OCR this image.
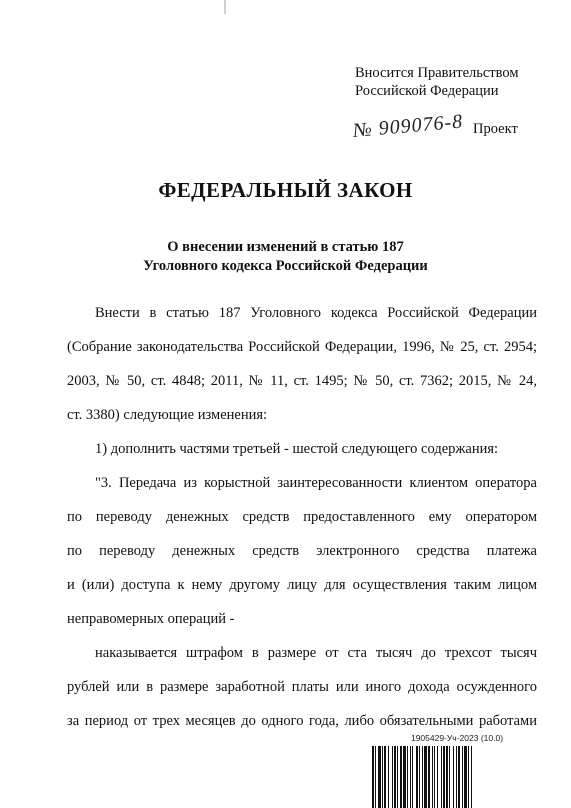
Вносится Правительством
Российской Федерации
№ 909076-8 Проект
ФЕДЕРАЛЬНЫЙ ЗАКОН
О внесении изменений в статью 187
Уголовного кодекса Российской Федерации
Внести в статью 187 Уголовного кодекса Российской Федерации
(Собрание законодательства Российской Федерации, 1996, № 25, ст. 2954;
2003, № 50, ст. 4848; 2011, № 11, ст. 1495; № 50, ст. 7362; 2015, № 24,
ст. 3380) следующие изменения:
1) дополнить частями третьей - шестой следующего содержания:
"3. Передача из корыстной заинтересованности клиентом оператора
по переводу денежных средств предоставленного ему оператором
по переводу денежных средств электронного средства платежа
и (или) доступа к нему другому лицу для осуществления таким лицом
неправомерных операций -
наказывается штрафом в размере от ста тысяч до трехсот тысяч
рублей или в размере заработной платы или иного дохода осужденного
за период от трех месяцев до одного года, либо обязательными работами
1905429-Уч-2023 (10.0)
